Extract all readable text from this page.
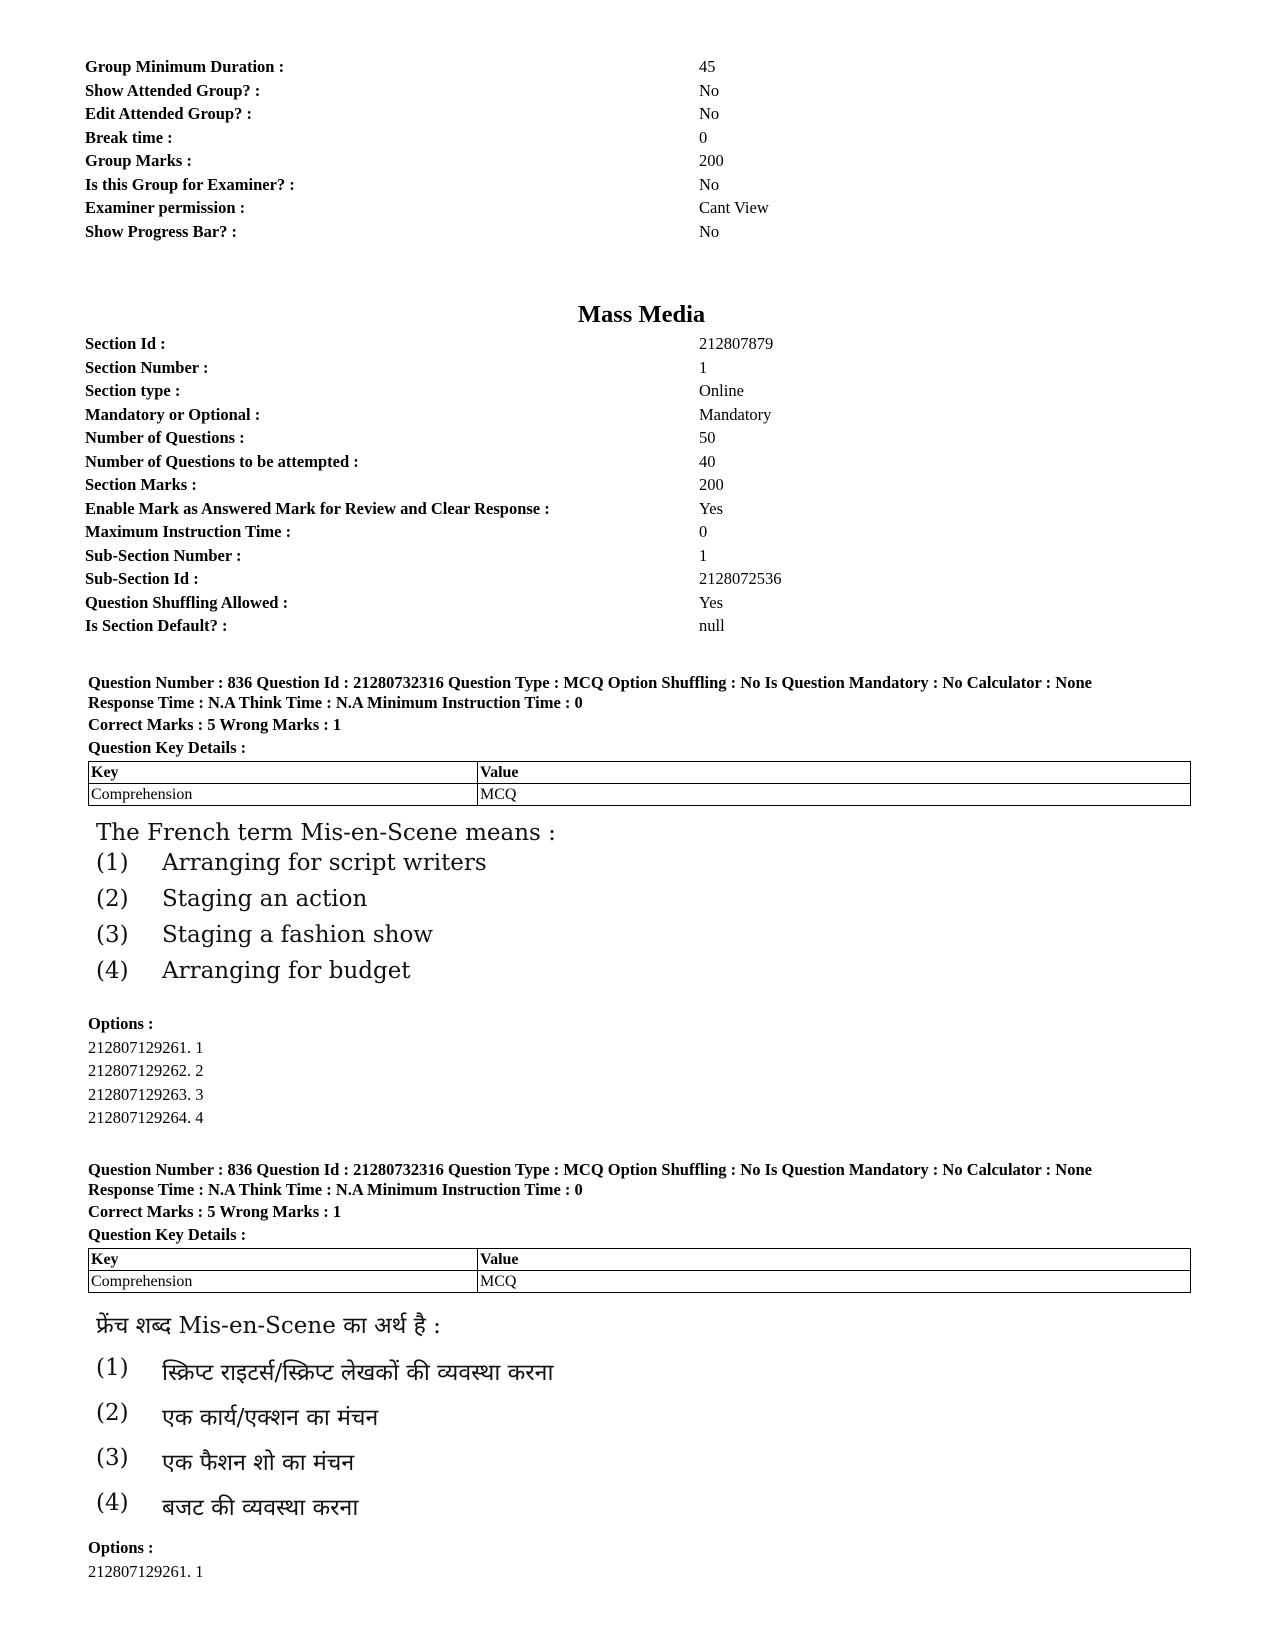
Group Minimum Duration :	45
Show Attended Group? :	No
Edit Attended Group? :	No
Break time :	0
Group Marks :	200
Is this Group for Examiner? :	No
Examiner permission :	Cant View
Show Progress Bar? :	No
Mass Media
Section Id :	212807879
Section Number :	1
Section type :	Online
Mandatory or Optional :	Mandatory
Number of Questions :	50
Number of Questions to be attempted :	40
Section Marks :	200
Enable Mark as Answered Mark for Review and Clear Response :	Yes
Maximum Instruction Time :	0
Sub-Section Number :	1
Sub-Section Id :	2128072536
Question Shuffling Allowed :	Yes
Is Section Default? :	null
Question Number : 836 Question Id : 21280732316 Question Type : MCQ Option Shuffling : No Is Question Mandatory : No Calculator : None
Response Time : N.A Think Time : N.A Minimum Instruction Time : 0
Correct Marks : 5 Wrong Marks : 1
Question Key Details :
Key	Value
Comprehension	MCQ
The French term Mis-en-Scene means :
(1) Arranging for script writers
(2) Staging an action
(3) Staging a fashion show
(4) Arranging for budget
Options :
212807129261. 1
212807129262. 2
212807129263. 3
212807129264. 4
Question Number : 836 Question Id : 21280732316 Question Type : MCQ Option Shuffling : No Is Question Mandatory : No Calculator : None
Response Time : N.A Think Time : N.A Minimum Instruction Time : 0
Correct Marks : 5 Wrong Marks : 1
Question Key Details :
Key	Value
Comprehension	MCQ
फ्रेंच शब्द Mis-en-Scene का अर्थ है :
(1) स्क्रिप्ट राइटर्स/स्क्रिप्ट लेखकों की व्यवस्था करना
(2) एक कार्य/एक्शन का मंचन
(3) एक फैशन शो का मंचन
(4) बजट की व्यवस्था करना
Options :
212807129261. 1
